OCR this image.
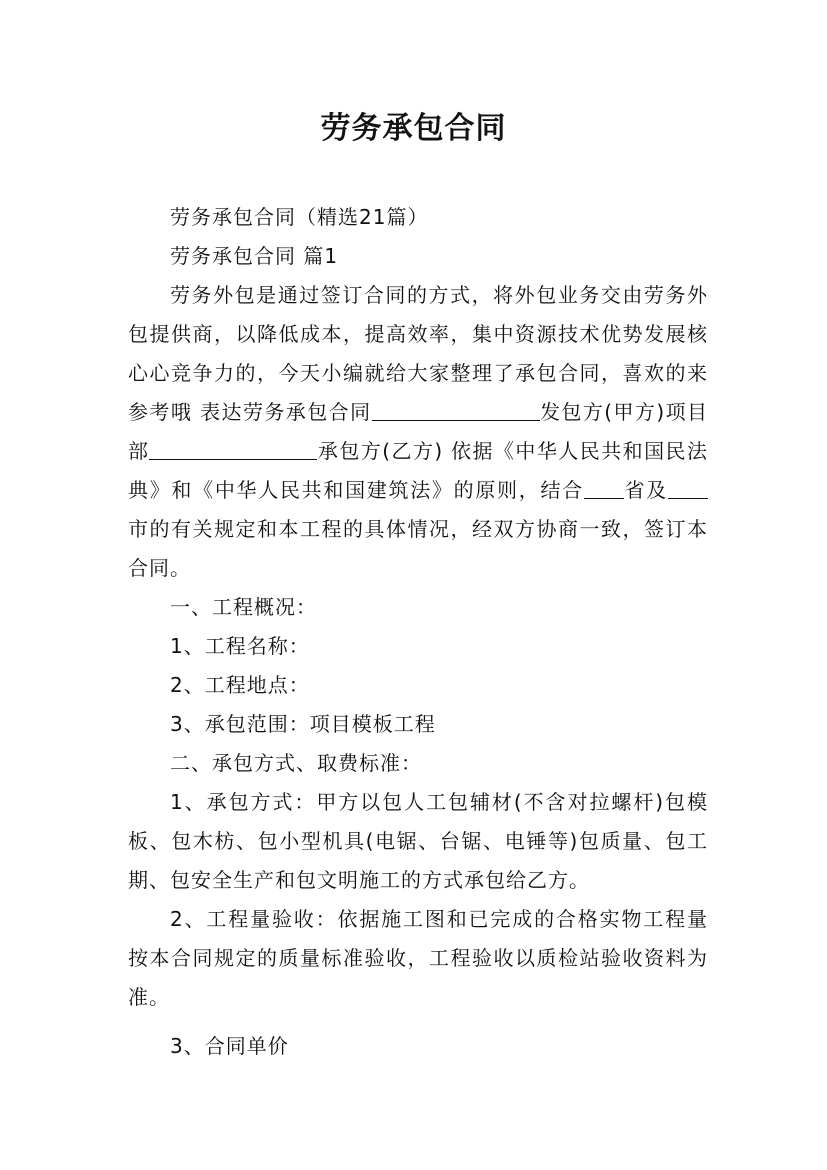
劳务承包合同

劳务承包合同（精选21篇）

劳务承包合同 篇1

劳务外包是通过签订合同的方式，将外包业务交由劳务外包提供商，以降低成本，提高效率，集中资源技术优势发展核心心竞争力的，今天小编就给大家整理了承包合同，喜欢的来参考哦 表达劳务承包合同	发包方(甲方)项目部	承包方(乙方) 依据《中华人民共和国民法典》和《中华人民共和国建筑法》的原则，结合 省及市的有关规定和本工程的具体情况，经双方协商一致，签订本合同。

一、工程概况：

1、工程名称：

2、工程地点：

3、承包范围：项目模板工程

二、承包方式、取费标准：

1、承包方式：甲方以包人工包辅材(不含对拉螺杆)包模板、包木枋、包小型机具(电锯、台锯、电锤等)包质量、包工期、包安全生产和包文明施工的方式承包给乙方。

2、工程量验收：依据施工图和已完成的合格实物工程量按本合同规定的质量标准验收，工程验收以质检站验收资料为准。

3、合同单价
